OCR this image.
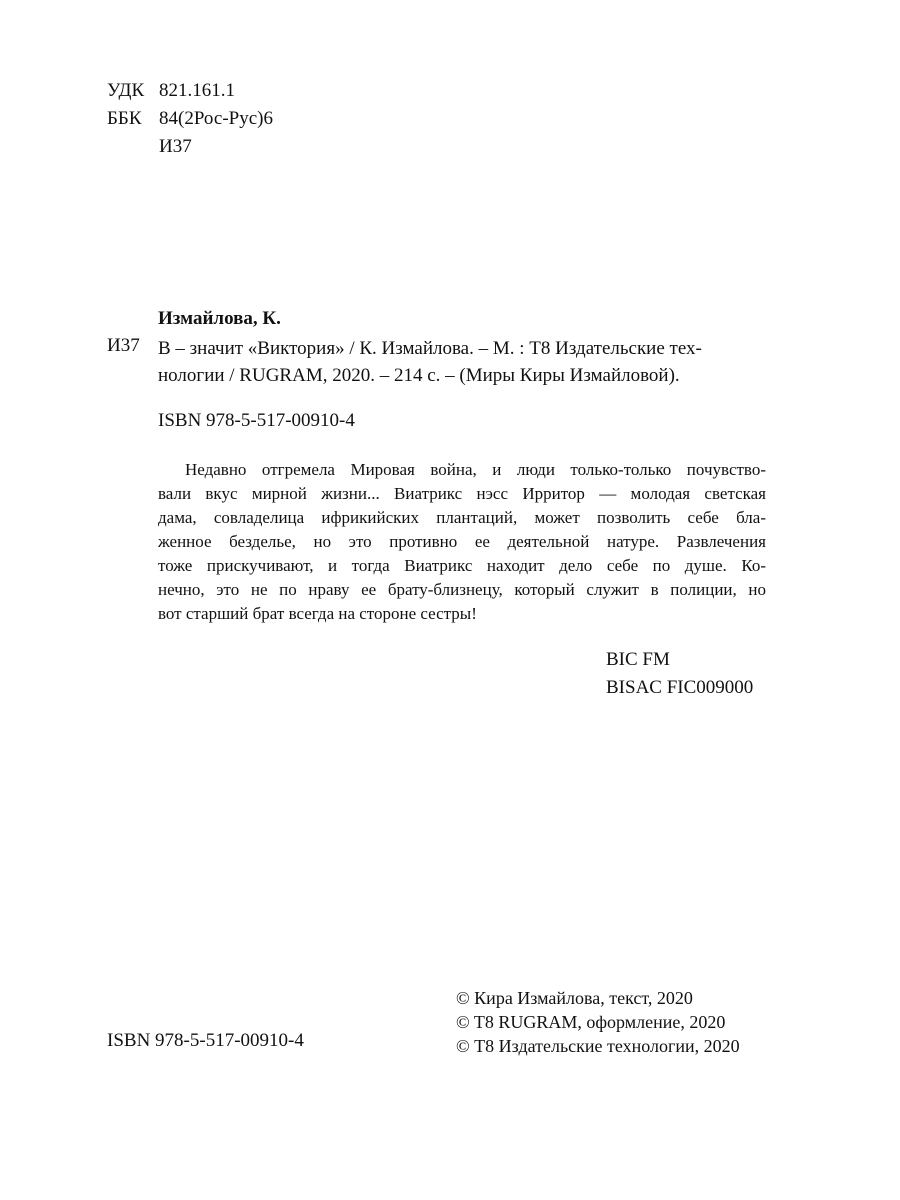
УДК 821.161.1
ББК 84(2Рос-Рус)6
И37
Измайлова, К.
И37 В – значит «Виктория» / К. Измайлова. – М. : Т8 Издательские тех-
нологии / RUGRAM, 2020. – 214 с. – (Миры Киры Измайловой).
ISBN 978-5-517-00910-4
Недавно отгремела Мировая война, и люди только-только почувство-
вали вкус мирной жизни... Виатрикс нэсс Ирритор — молодая светская
дама, совладелица ифрикийских плантаций, может позволить себе бла-
женное безделье, но это противно ее деятельной натуре. Развлечения
тоже прискучивают, и тогда Виатрикс находит дело себе по душе. Ко-
нечно, это не по нраву ее брату-близнецу, который служит в полиции, но
вот старший брат всегда на стороне сестры!
BIC FM
BISAC FIC009000
ISBN 978-5-517-00910-4
© Кира Измайлова, текст, 2020
© T8 RUGRAM, оформление, 2020
© Т8 Издательские технологии, 2020
